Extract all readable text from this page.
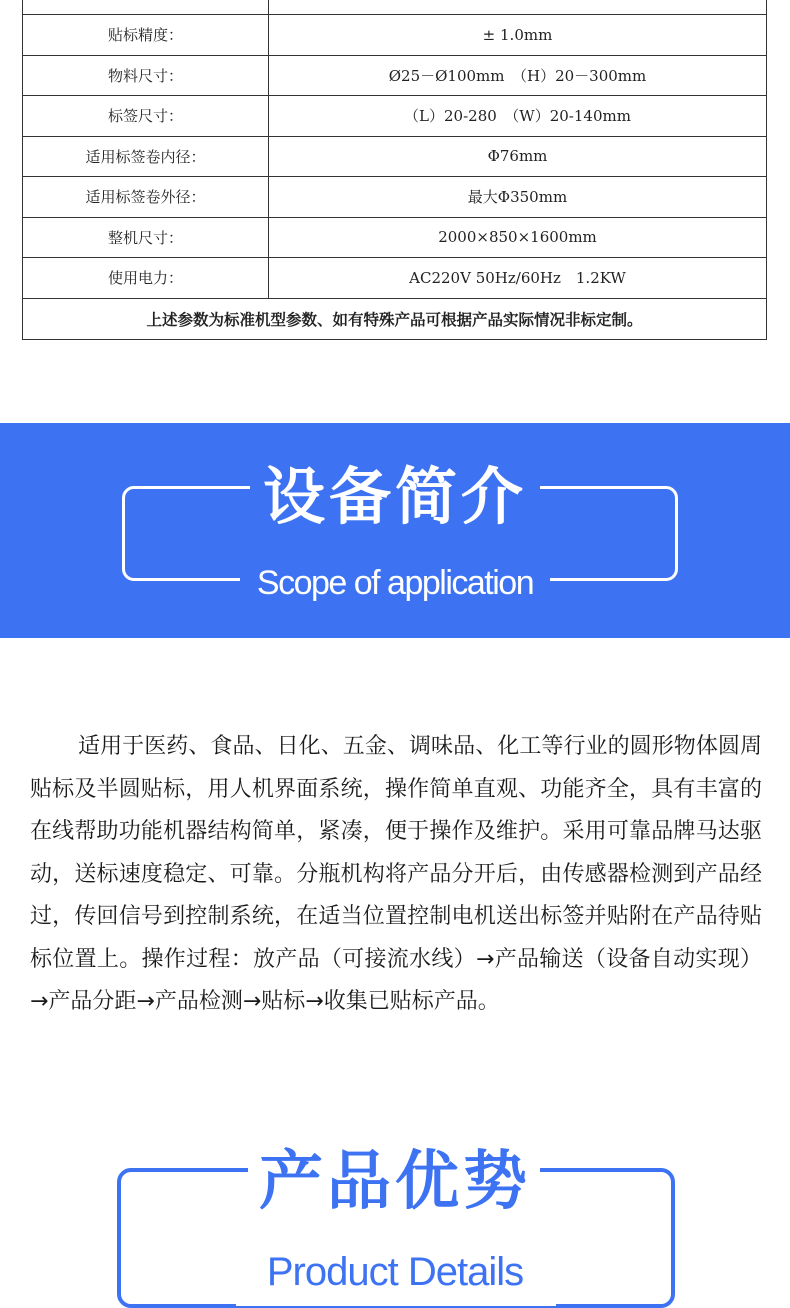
贴标精度：	± 1.0mm
物料尺寸：	Ø25－Ø100mm　（H）20－300mm
标签尺寸：	（L）20-280　（W）20-140mm
适用标签卷内径：	Φ76mm
适用标签卷外径：	最大Φ350mm
整机尺寸：	2000×850×1600mm
使用电力：	AC220V 50Hz/60Hz　1.2KW
上述参数为标准机型参数、如有特殊产品可根据产品实际情况非标定制。	
设备简介
Scope of application

适用于医药、食品、日化、五金、调味品、化工等行业的圆形物体圆周贴标及半圆贴标，用人机界面系统，操作简单直观、功能齐全，具有丰富的在线帮助功能机器结构简单，紧凑，便于操作及维护。采用可靠品牌马达驱动，送标速度稳定、可靠。分瓶机构将产品分开后，由传感器检测到产品经过，传回信号到控制系统，在适当位置控制电机送出标签并贴附在产品待贴标位置上。操作过程：放产品（可接流水线）→产品输送（设备自动实现）→产品分距→产品检测→贴标→收集已贴标产品。

产品优势
Product Details
